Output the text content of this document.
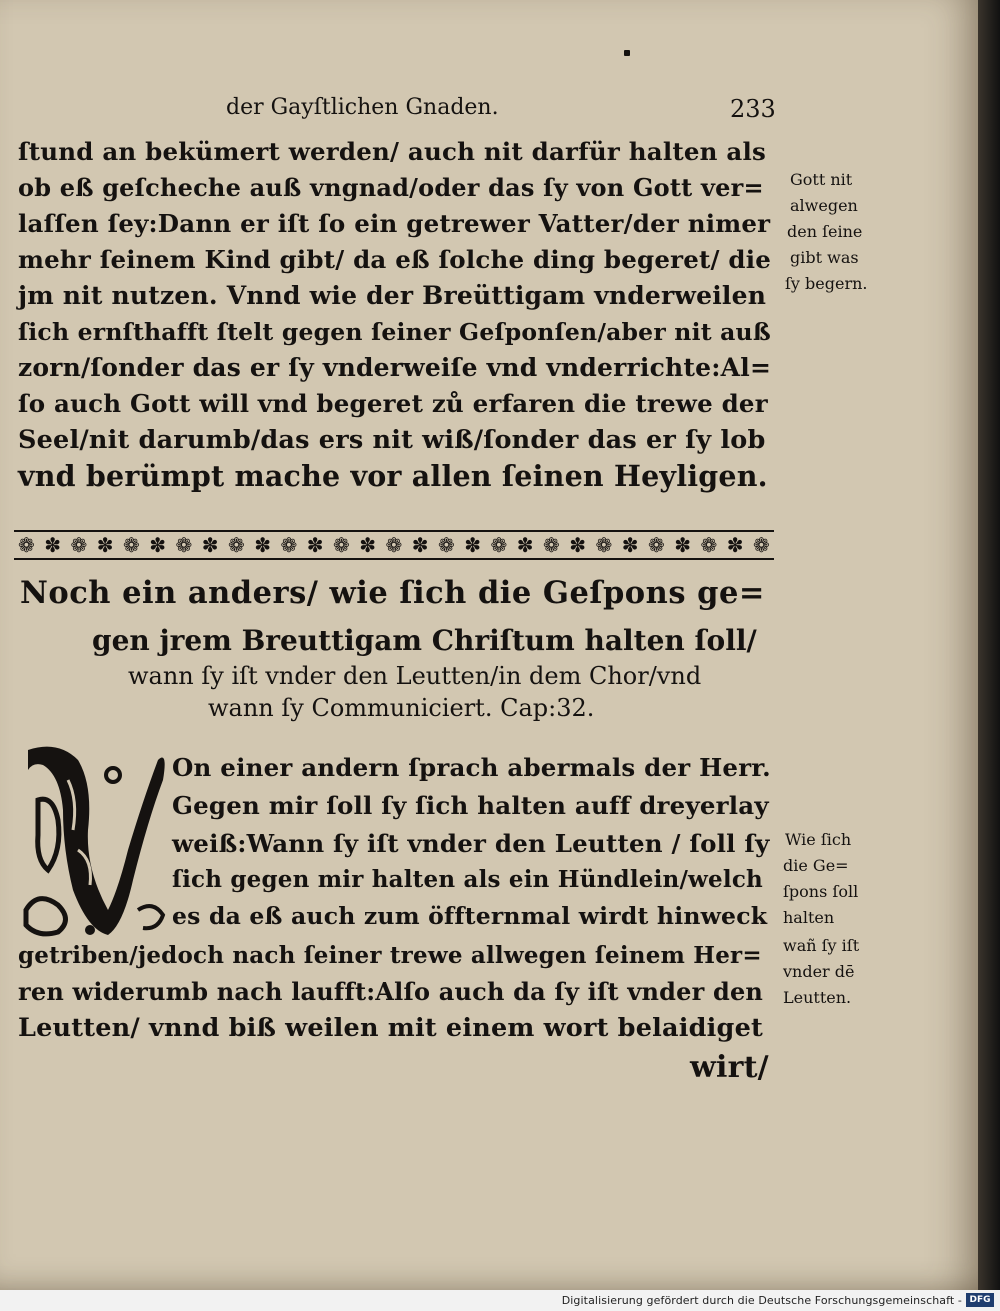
der Gayſtlichen Gnaden.	233
ſtund an bekümert werden/ auch nit darfür halten als
ob eß geſcheche auß vngnad/oder das ſy von Gott ver=
laſſen ſey:Dann er iſt ſo ein getrewer Vatter/der nimer
mehr ſeinem Kind gibt/ da eß ſolche ding begeret/ die
jm nit nutzen. Vnnd wie der Breüttigam vnderweilen
ſich ernſthafft ſtelt gegen ſeiner Geſponſen/aber nit auß
zorn/ſonder das er ſy vnderweiſe vnd vnderrichte:Al=
ſo auch Gott will vnd begeret zů erfaren die trewe der
Seel/nit darumb/das ers nit wiß/ſonder das er ſy lob
vnd berümpt mache vor allen ſeinen Heyligen.
Gott nit
alwegen
den ſeine
gibt was
ſy begern.
❁ ✽ ❁ ✽ ❁ ✽ ❁ ✽ ❁ ✽ ❁ ✽ ❁ ✽ ❁ ✽ ❁ ✽ ❁ ✽ ❁ ✽ ❁ ✽ ❁ ✽ ❁ ✽ ❁
Noch ein anders/ wie ſich die Geſpons ge=
gen jrem Breuttigam Chriſtum halten ſoll/
wann ſy iſt vnder den Leutten/in dem Chor/vnd
wann ſy Communiciert. Cap:32.
On einer andern ſprach abermals der Herr.
Gegen mir ſoll ſy ſich halten auff dreyerlay
weiß:Wann ſy iſt vnder den Leutten / ſoll ſy
ſich gegen mir halten als ein Hündlein/welch
es da eß auch zum öffternmal wirdt hinweck
getriben/jedoch nach ſeiner trewe allwegen ſeinem Her=
ren widerumb nach laufft:Alſo auch da ſy iſt vnder den
Leutten/ vnnd biß weilen mit einem wort belaidiget
wirt/
Wie ſich
die Ge=
ſpons ſoll
halten
wañ ſy iſt
vnder dē
Leutten.
Digitalisierung gefördert durch die Deutsche Forschungsgemeinschaft - DFG
